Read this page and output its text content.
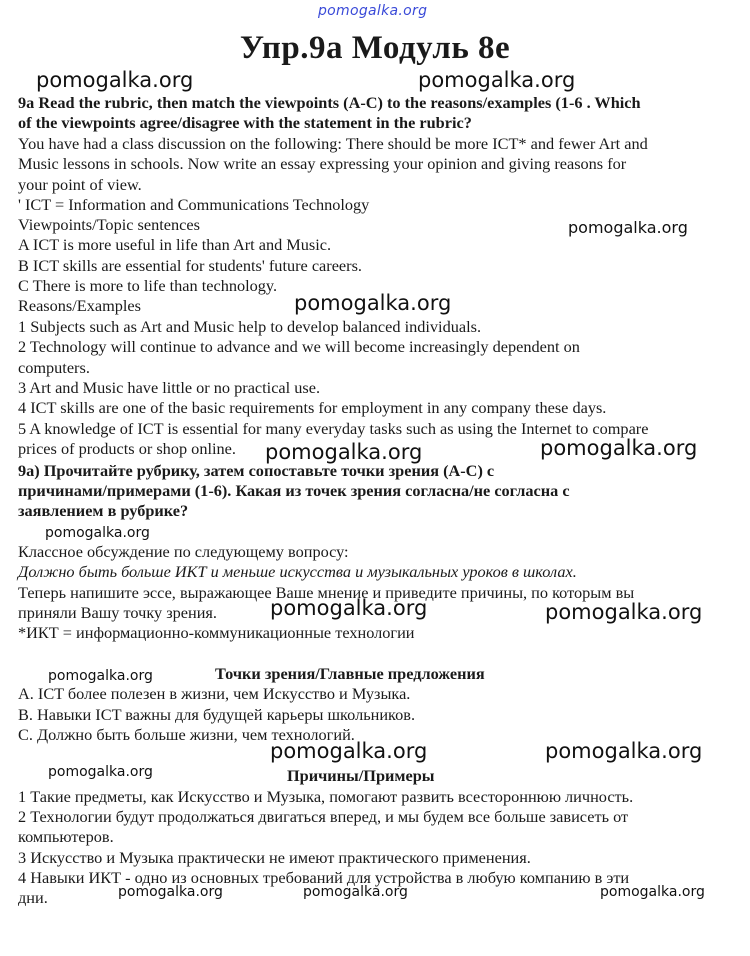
pomogalka.org
Упр.9а Модуль 8е
pomogalka.org	pomogalka.org
9a Read the rubric, then match the viewpoints (A-C) to the reasons/examples (1-6 . Which
of the viewpoints agree/disagree with the statement in the rubric?
You have had a class discussion on the following: There should be more ICT* and fewer Art and
Music lessons in schools. Now write an essay expressing your opinion and giving reasons for
your point of view.
' ICT = Information and Communications Technology
Viewpoints/Topic sentences	pomogalka.org
A ICT is more useful in life than Art and Music.
B ICT skills are essential for students' future careers.
C There is more to life than technology.
Reasons/Examples	pomogalka.org
1 Subjects such as Art and Music help to develop balanced individuals.
2 Technology will continue to advance and we will become increasingly dependent on
computers.
3 Art and Music have little or no practical use.
4 ICT skills are one of the basic requirements for employment in any company these days.
5 A knowledge of ICT is essential for many everyday tasks such as using the Internet to compare
prices of products or shop online. pomogalka.org	pomogalka.org
9а) Прочитайте рубрику, затем сопоставьте точки зрения (А-С) с
причинами/примерами (1-6). Какая из точек зрения согласна/не согласна с
заявлением в рубрике?
pomogalka.org
Классное обсуждение по следующему вопросу:
Должно быть больше ИКТ и меньше искусства и музыкальных уроков в школах.
Теперь напишите эссе, выражающее Ваше мнение и приведите причины, по которым вы
приняли Вашу точку зрения.	pomogalka.org	pomogalka.org
*ИКТ = информационно-коммуникационные технологии
pomogalka.org	Точки зрения/Главные предложения
A. ICT более полезен в жизни, чем Искусство и Музыка.
B. Навыки ICT важны для будущей карьеры школьников.
C. Должно быть больше жизни, чем технологий.
pomogalka.org	pomogalka.org
pomogalka.org	Причины/Примеры
1 Такие предметы, как Искусство и Музыка, помогают развить всестороннюю личность.
2 Технологии будут продолжаться двигаться вперед, и мы будем все больше зависеть от
компьютеров.
3 Искусство и Музыка практически не имеют практического применения.
4 Навыки ИКТ - одно из основных требований для устройства в любую компанию в эти
дни.	pomogalka.org	pomogalka.org	pomogalka.org
